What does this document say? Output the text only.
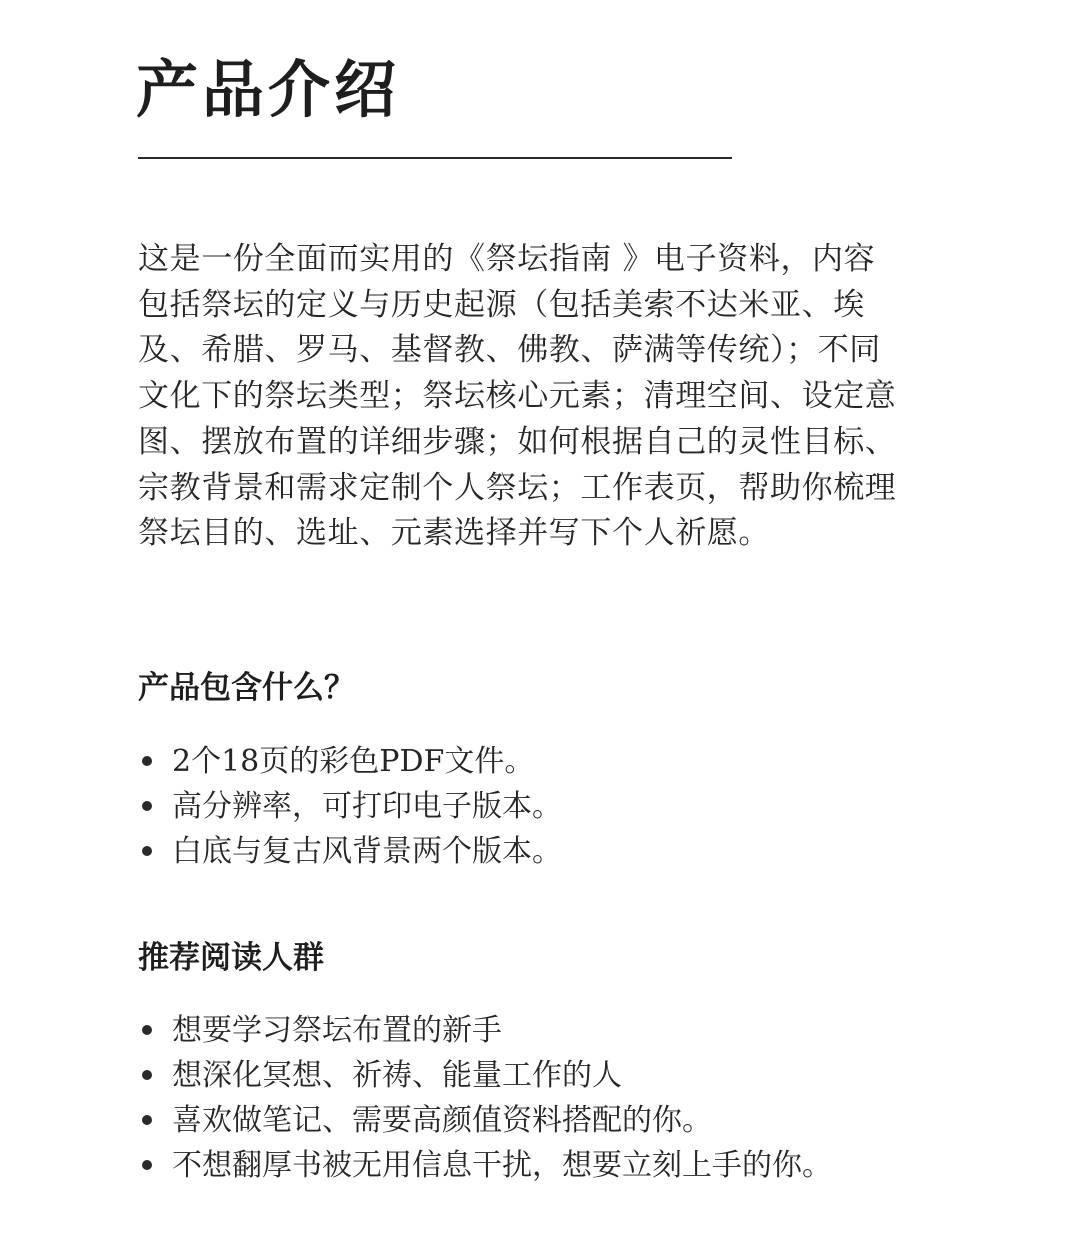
产品介绍

这是一份全面而实用的《祭坛指南 》电子资料，内容包括祭坛的定义与历史起源（包括美索不达米亚、埃及、希腊、罗马、基督教、佛教、萨满等传统）；不同文化下的祭坛类型；祭坛核心元素；清理空间、设定意图、摆放布置的详细步骤；如何根据自己的灵性目标、宗教背景和需求定制个人祭坛；工作表页，帮助你梳理祭坛目的、选址、元素选择并写下个人祈愿。

产品包含什么？
2个18页的彩色PDF文件。
高分辨率，可打印电子版本。
白底与复古风背景两个版本。
推荐阅读人群
想要学习祭坛布置的新手
想深化冥想、祈祷、能量工作的人
喜欢做笔记、需要高颜值资料搭配的你。
不想翻厚书被无用信息干扰，想要立刻上手的你。
